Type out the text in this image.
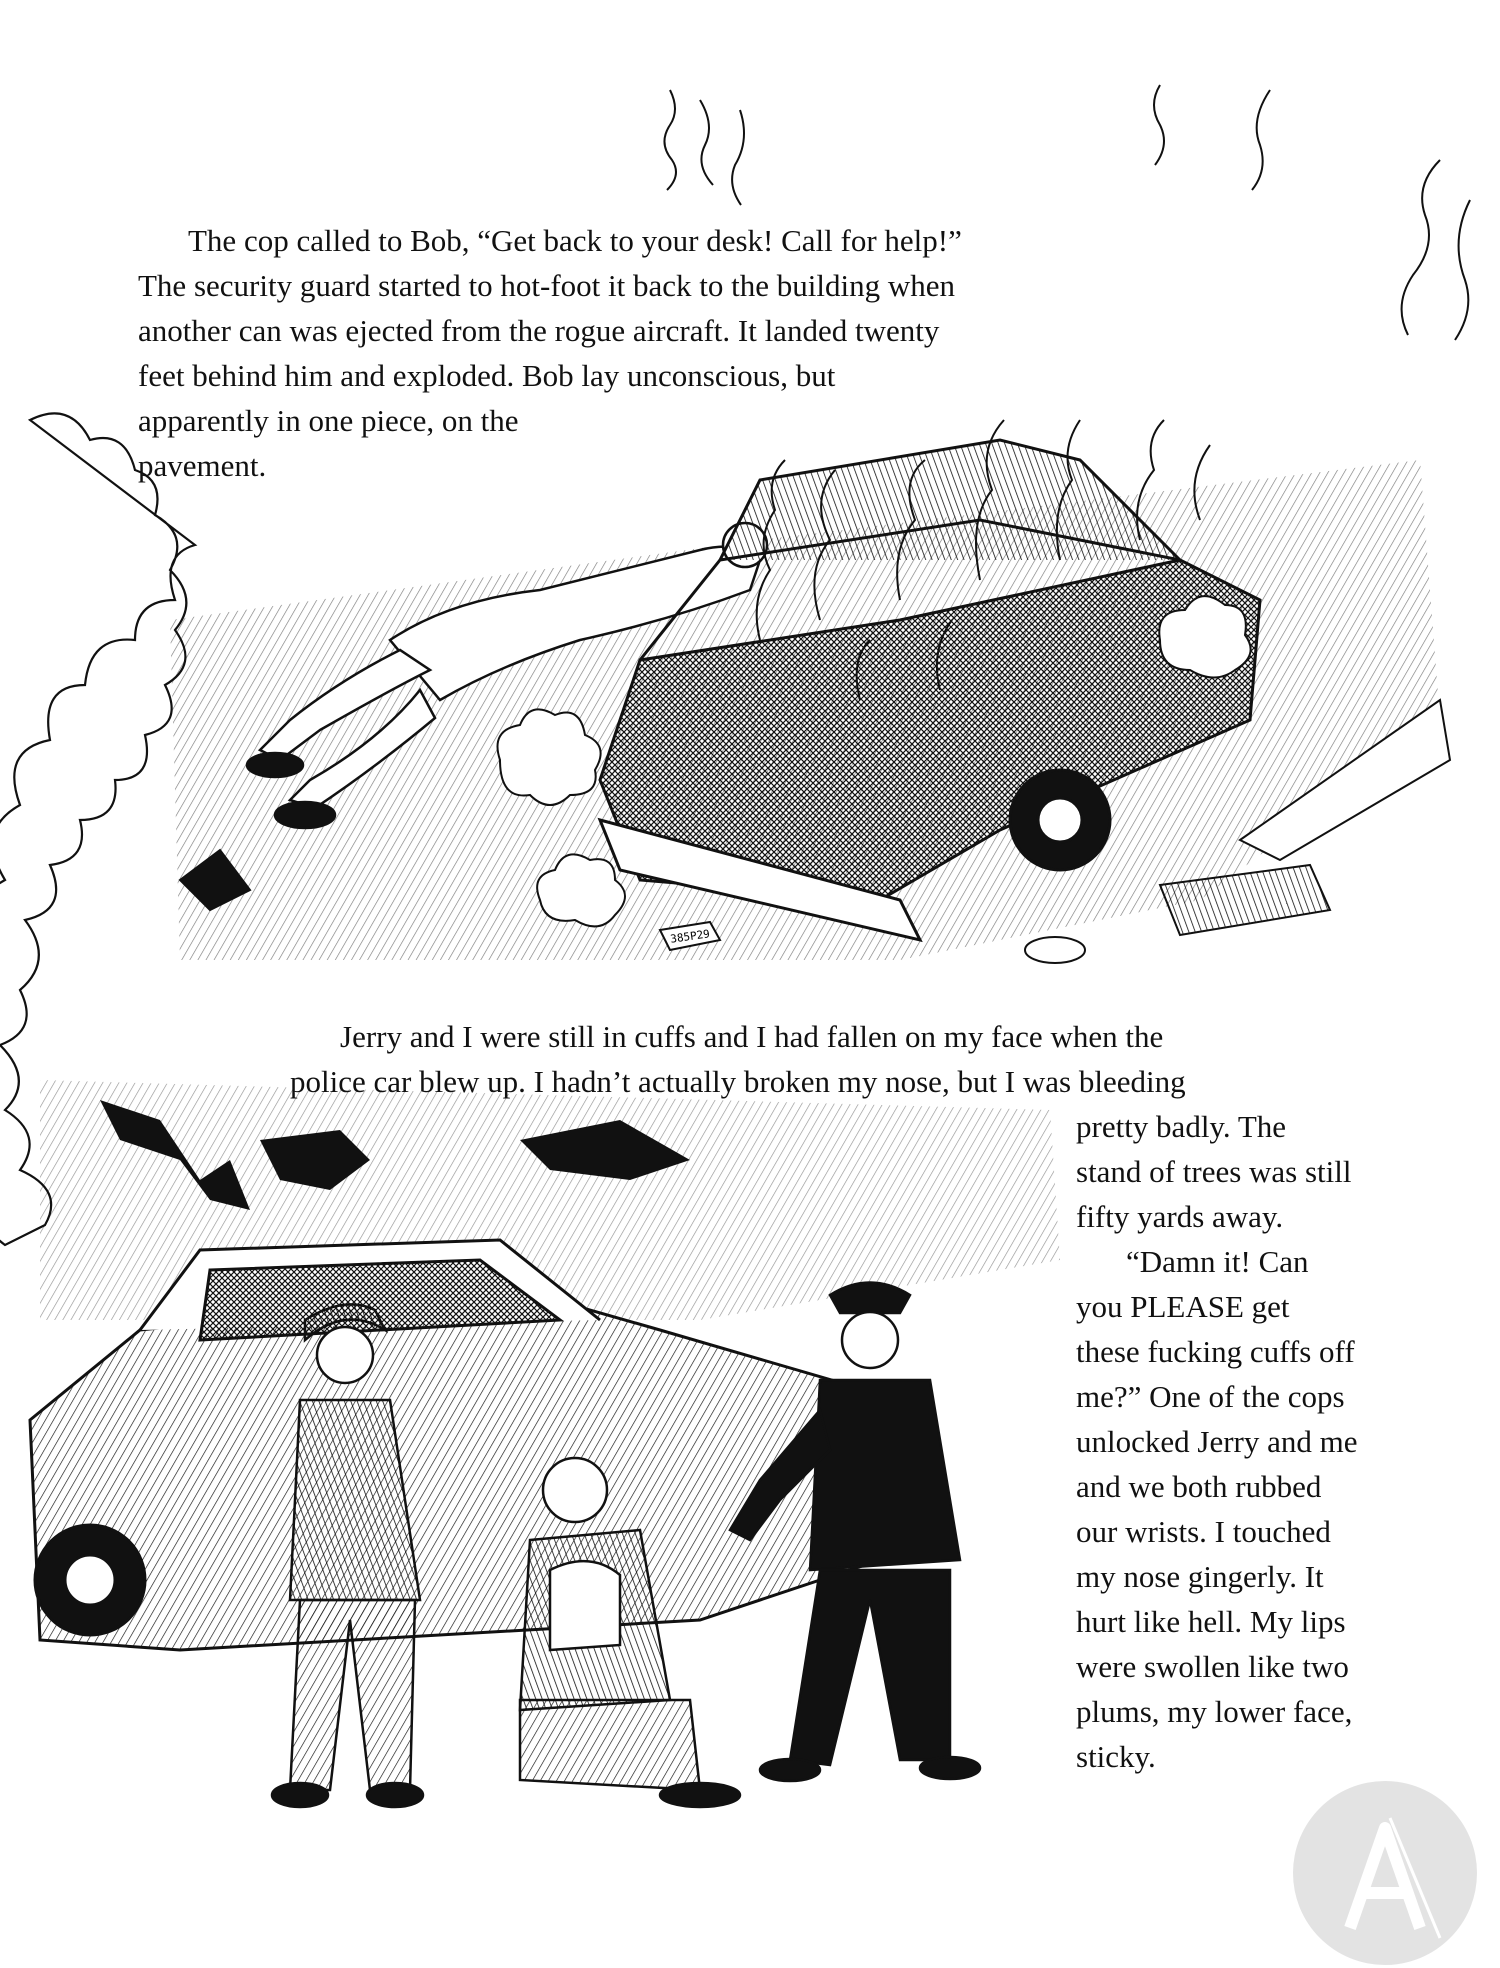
385P29
The cop called to Bob, “Get back to your desk! Call for help!”
The security guard started to hot-foot it back to the building when
another can was ejected from the rogue aircraft. It landed twenty
feet behind him and exploded. Bob lay unconscious, but
apparently in one piece, on the
pavement.
Jerry and I were still in cuffs and I had fallen on my face when the
police car blew up. I hadn’t actually broken my nose, but I was bleeding
pretty badly. The
stand of trees was still
fifty yards away.
“Damn it! Can
you PLEASE get
these fucking cuffs off
me?” One of the cops
unlocked Jerry and me
and we both rubbed
our wrists. I touched
my nose gingerly. It
hurt like hell. My lips
were swollen like two
plums, my lower face,
sticky.
